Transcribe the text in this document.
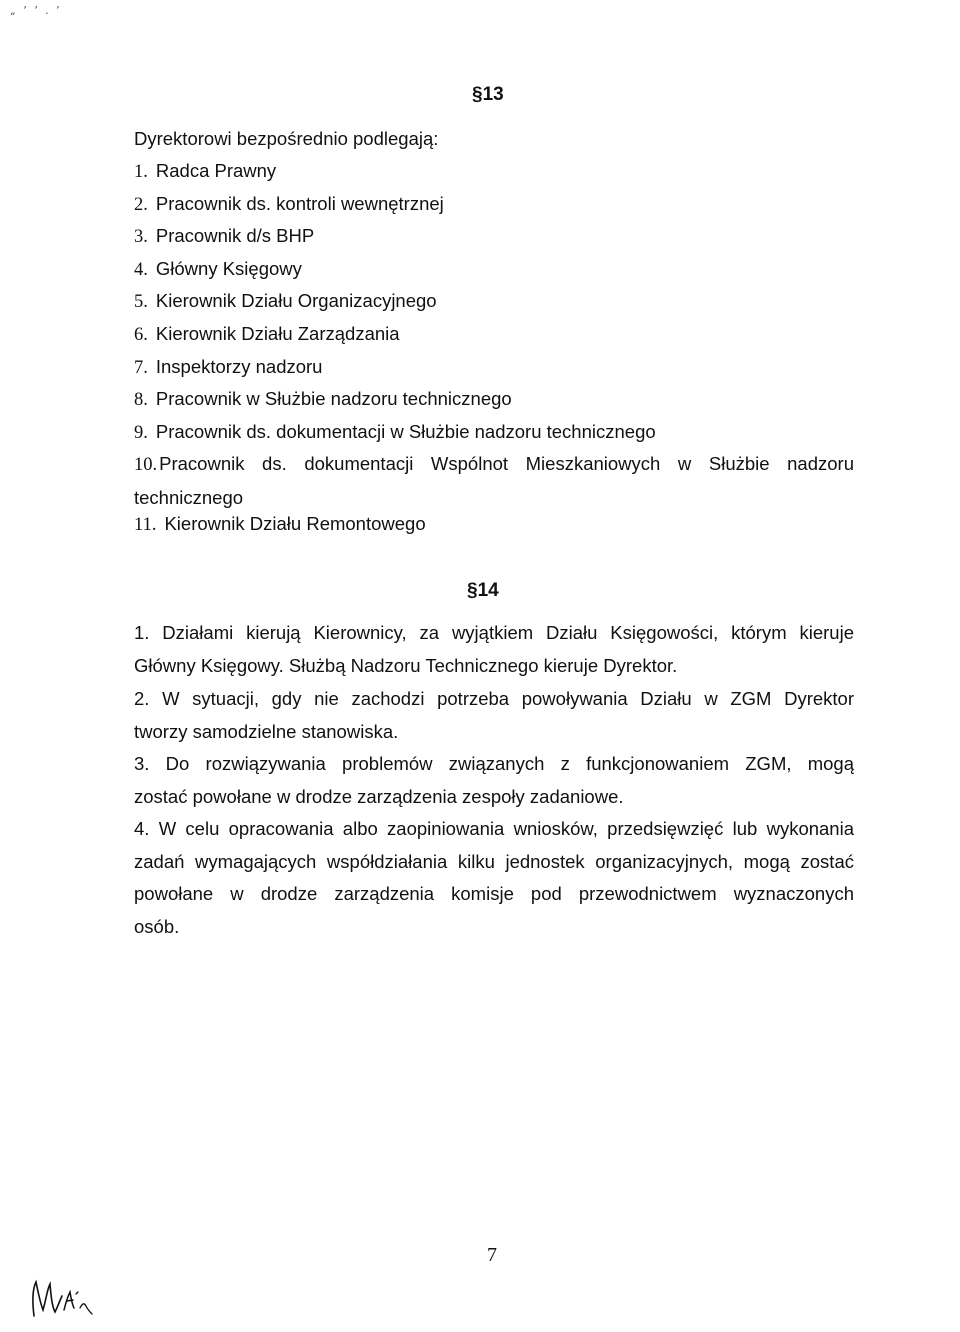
„ ’ ’ . ’
§13
Dyrektorowi bezpośrednio podlegają:
1. Radca Prawny
2. Pracownik ds. kontroli wewnętrznej
3. Pracownik d/s BHP
4. Główny Księgowy
5. Kierownik Działu Organizacyjnego
6. Kierownik Działu Zarządzania
7. Inspektorzy nadzoru
8. Pracownik w Służbie nadzoru technicznego
9. Pracownik ds. dokumentacji w Służbie nadzoru technicznego
10. Pracownik ds. dokumentacji Wspólnot Mieszkaniowych w Służbie nadzoru
technicznego
11. Kierownik Działu Remontowego
§14
1. Działami kierują Kierownicy, za wyjątkiem Działu Księgowości, którym kieruje
Główny Księgowy. Służbą Nadzoru Technicznego kieruje Dyrektor.
2. W sytuacji, gdy nie zachodzi potrzeba powoływania Działu w ZGM Dyrektor
tworzy samodzielne stanowiska.
3. Do rozwiązywania problemów związanych z funkcjonowaniem ZGM, mogą
zostać powołane w drodze zarządzenia zespoły zadaniowe.
4. W celu opracowania albo zaopiniowania wniosków, przedsięwzięć lub wykonania
zadań wymagających współdziałania kilku jednostek organizacyjnych, mogą zostać
powołane w drodze zarządzenia komisje pod przewodnictwem wyznaczonych
osób.
7
